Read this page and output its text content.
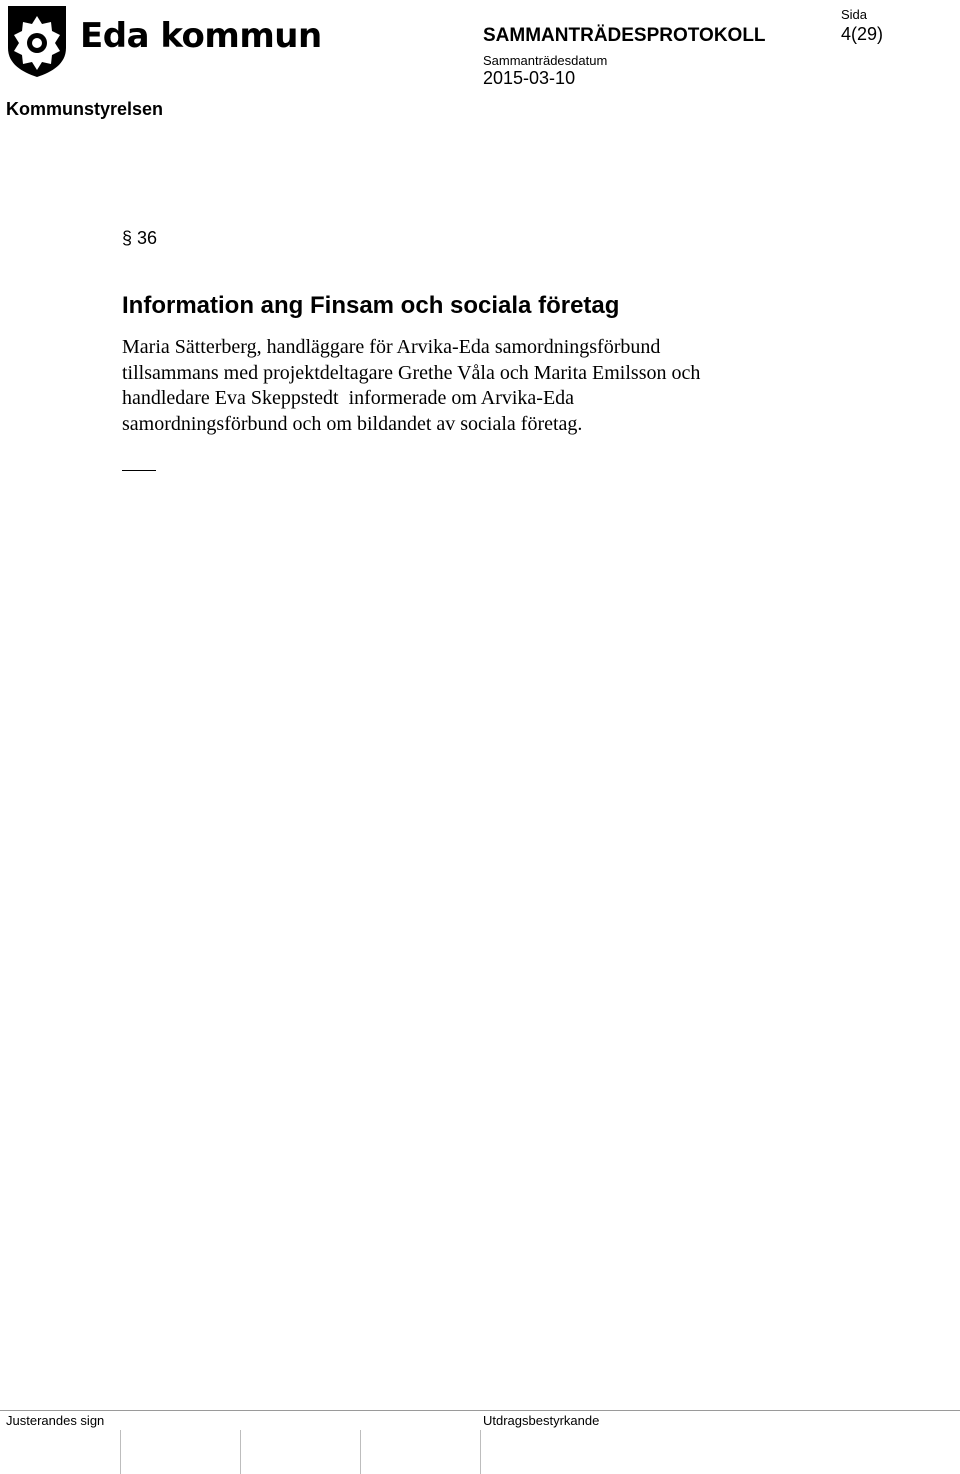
Eda kommun
Kommunstyrelsen
SAMMANTRÄDESPROTOKOLL
Sammanträdesdatum
2015-03-10
Sida
4(29)
§ 36
Information ang Finsam och sociala företag
Maria Sätterberg, handläggare för Arvika-Eda samordningsförbund
tillsammans med projektdeltagare Grethe Våla och Marita Emilsson och
handledare Eva Skeppstedt  informerade om Arvika-Eda
samordningsförbund och om bildandet av sociala företag.
Justerandes sign	Utdragsbestyrkande
